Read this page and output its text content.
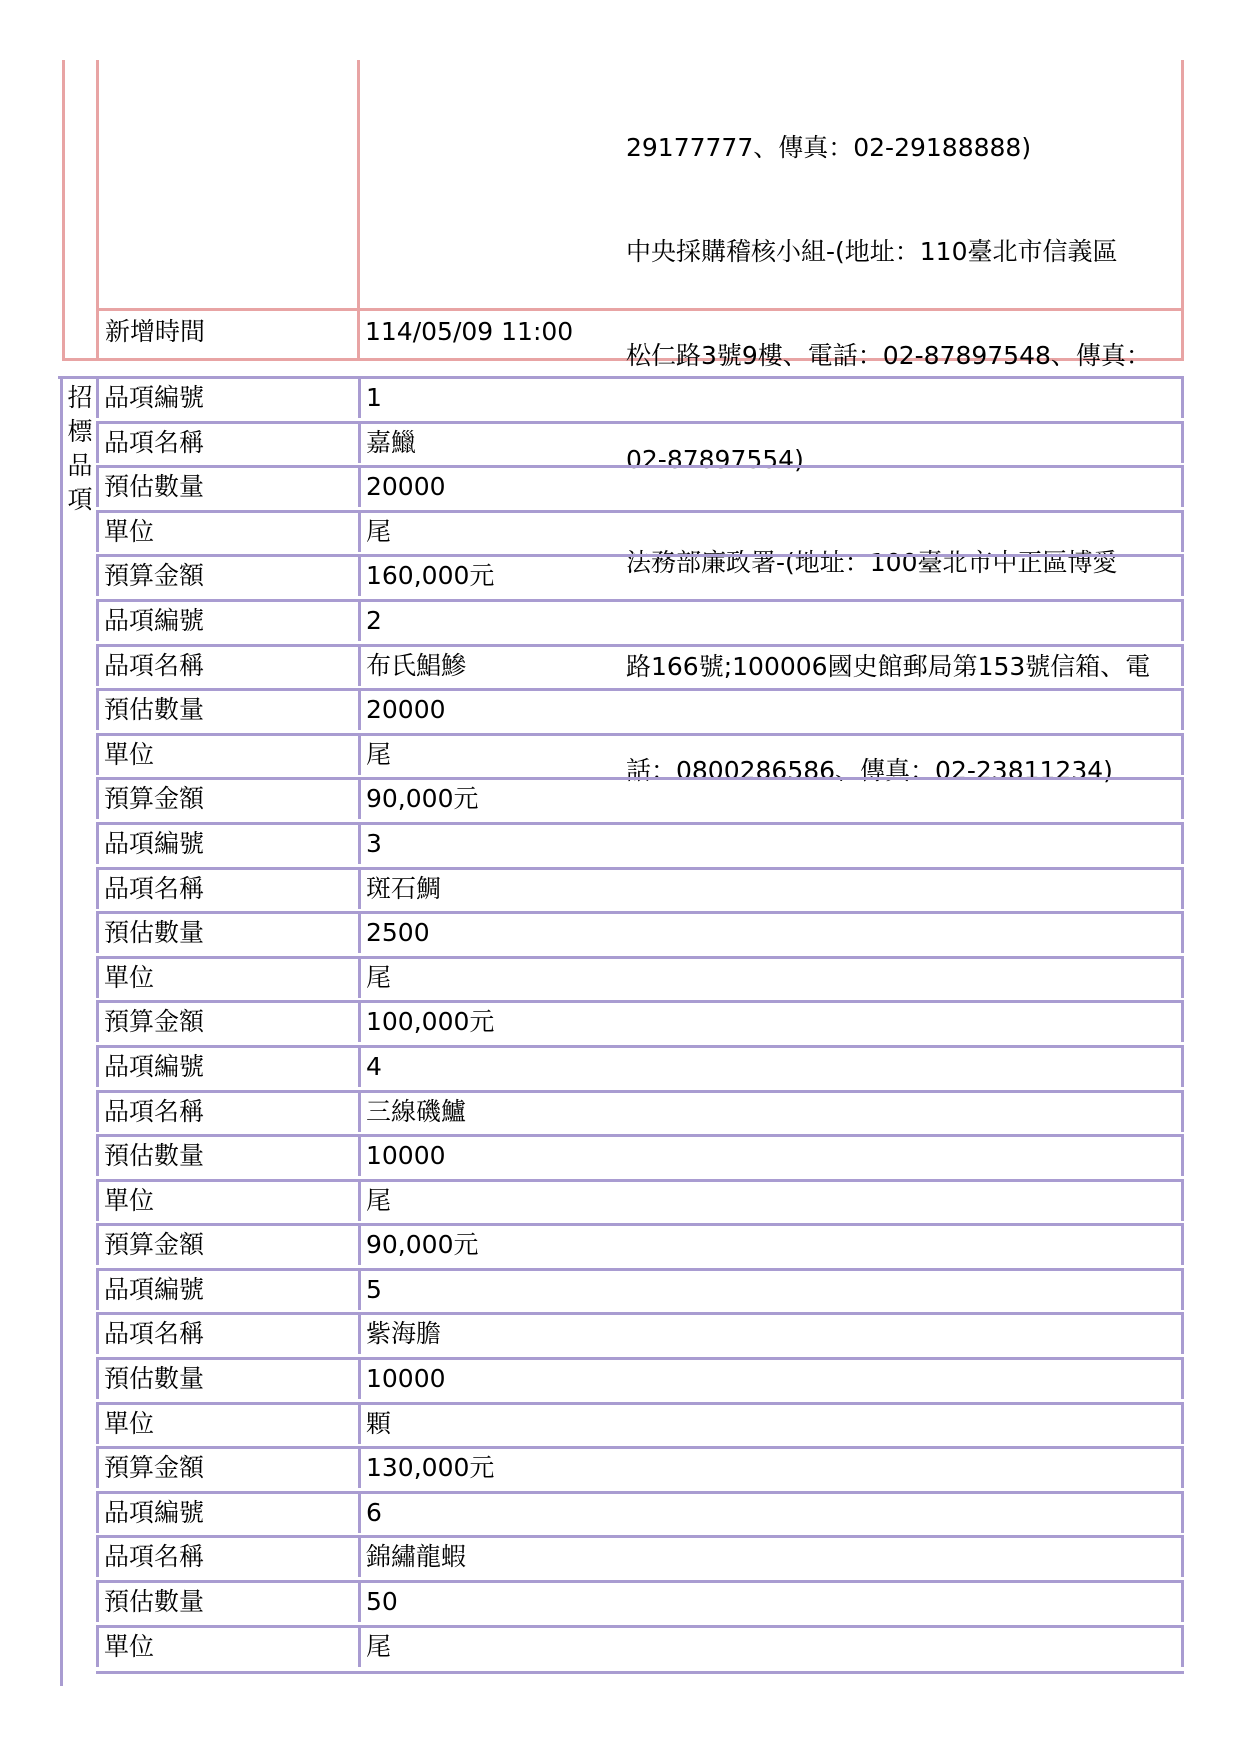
29177777、傳真：02-29188888)

中央採購稽核小組-(地址：110臺北市信義區

松仁路3號9樓、電話：02-87897548、傳真：

02-87897554)

法務部廉政署-(地址：100臺北市中正區博愛

路166號;100006國史館郵局第153號信箱、電

話：0800286586、傳真：02-23811234)

新增時間	114/05/09 11:00
招標品項
品項編號	1
品項名稱	嘉鱲
預估數量	20000
單位	尾
預算金額	160,000元
品項編號	2
品項名稱	布氏鯧鰺
預估數量	20000
單位	尾
預算金額	90,000元
品項編號	3
品項名稱	斑石鯛
預估數量	2500
單位	尾
預算金額	100,000元
品項編號	4
品項名稱	三線磯鱸
預估數量	10000
單位	尾
預算金額	90,000元
品項編號	5
品項名稱	紫海膽
預估數量	10000
單位	顆
預算金額	130,000元
品項編號	6
品項名稱	錦繡龍蝦
預估數量	50
單位	尾
